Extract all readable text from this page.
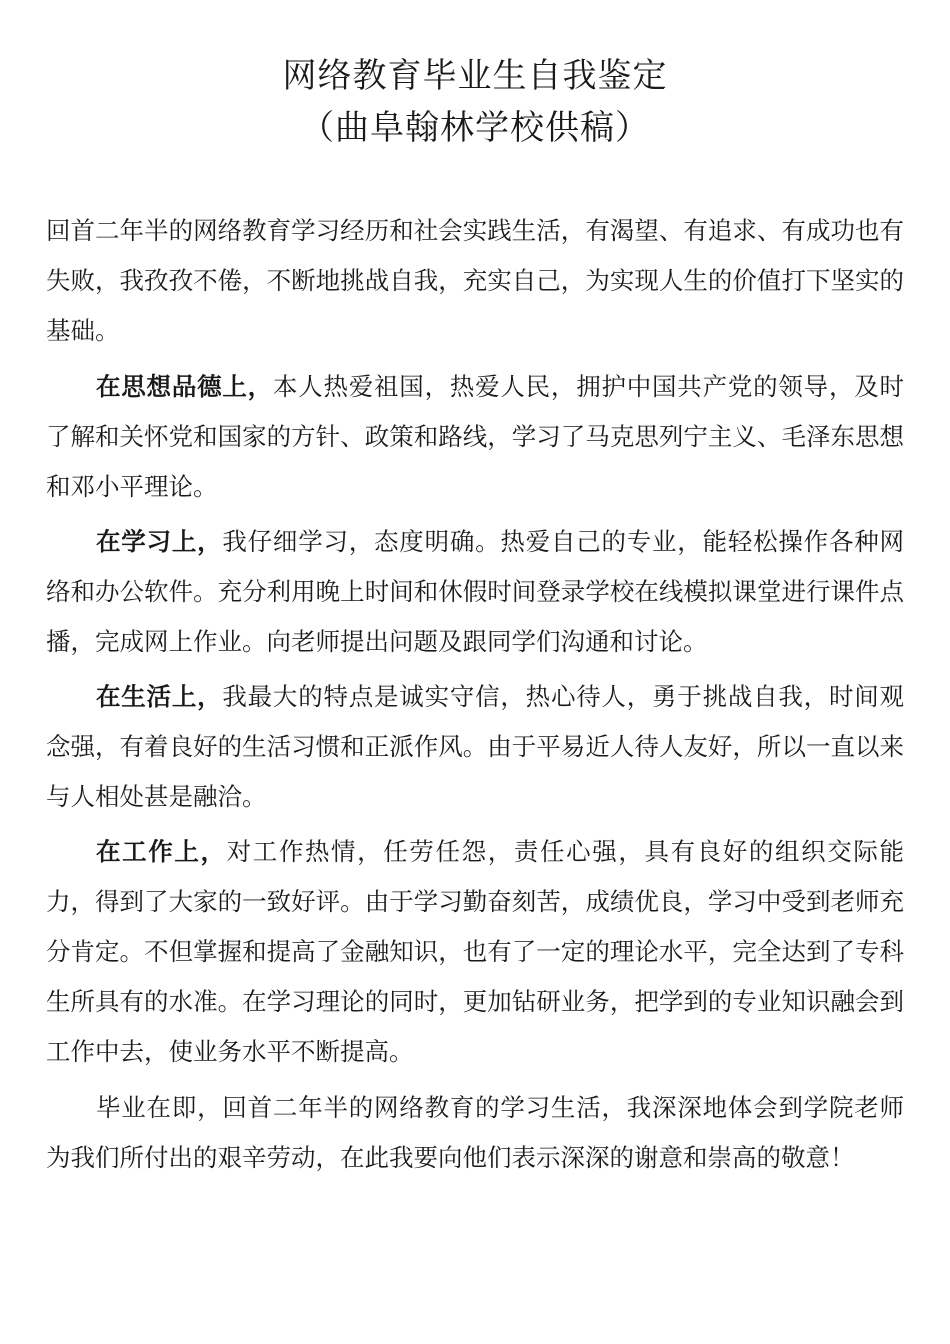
网络教育毕业生自我鉴定
（曲阜翰林学校供稿）

回首二年半的网络教育学习经历和社会实践生活，有渴望、有追求、有成功也有失败，我孜孜不倦，不断地挑战自我，充实自己，为实现人生的价值打下坚实的基础。

在思想品德上，本人热爱祖国，热爱人民，拥护中国共产党的领导，及时了解和关怀党和国家的方针、政策和路线，学习了马克思列宁主义、毛泽东思想和邓小平理论。

在学习上，我仔细学习，态度明确。热爱自己的专业，能轻松操作各种网络和办公软件。充分利用晚上时间和休假时间登录学校在线模拟课堂进行课件点播，完成网上作业。向老师提出问题及跟同学们沟通和讨论。

在生活上，我最大的特点是诚实守信，热心待人，勇于挑战自我，时间观念强，有着良好的生活习惯和正派作风。由于平易近人待人友好，所以一直以来与人相处甚是融洽。

在工作上，对工作热情，任劳任怨，责任心强，具有良好的组织交际能力，得到了大家的一致好评。由于学习勤奋刻苦，成绩优良，学习中受到老师充分肯定。不但掌握和提高了金融知识，也有了一定的理论水平，完全达到了专科生所具有的水准。在学习理论的同时，更加钻研业务，把学到的专业知识融会到工作中去，使业务水平不断提高。

毕业在即，回首二年半的网络教育的学习生活，我深深地体会到学院老师为我们所付出的艰辛劳动，在此我要向他们表示深深的谢意和崇高的敬意！
